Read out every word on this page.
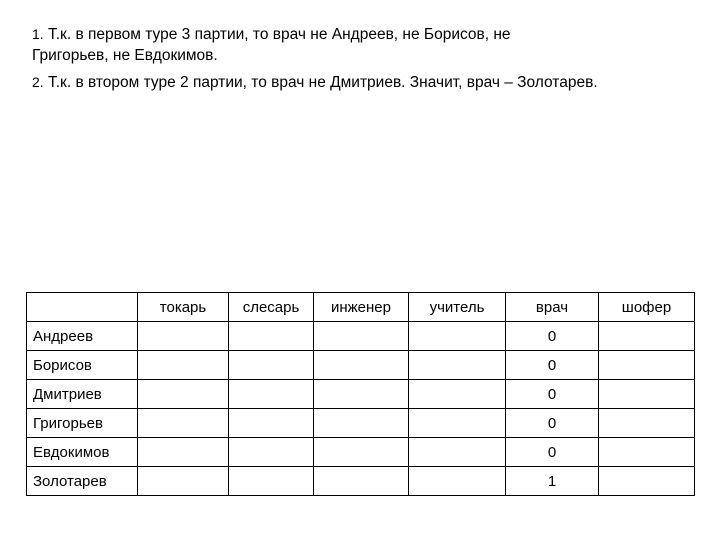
1. Т.к. в первом туре 3 партии, то врач не Андреев, не Борисов, не
Григорьев, не Евдокимов.

2. Т.к. в втором туре 2 партии, то врач не Дмитриев. Значит, врач – Золотарев.

	токарь	слесарь	инженер	учитель	врач	шофер
Андреев					0	
Борисов					0	
Дмитриев					0	
Григорьев					0	
Евдокимов					0	
Золотарев					1	
